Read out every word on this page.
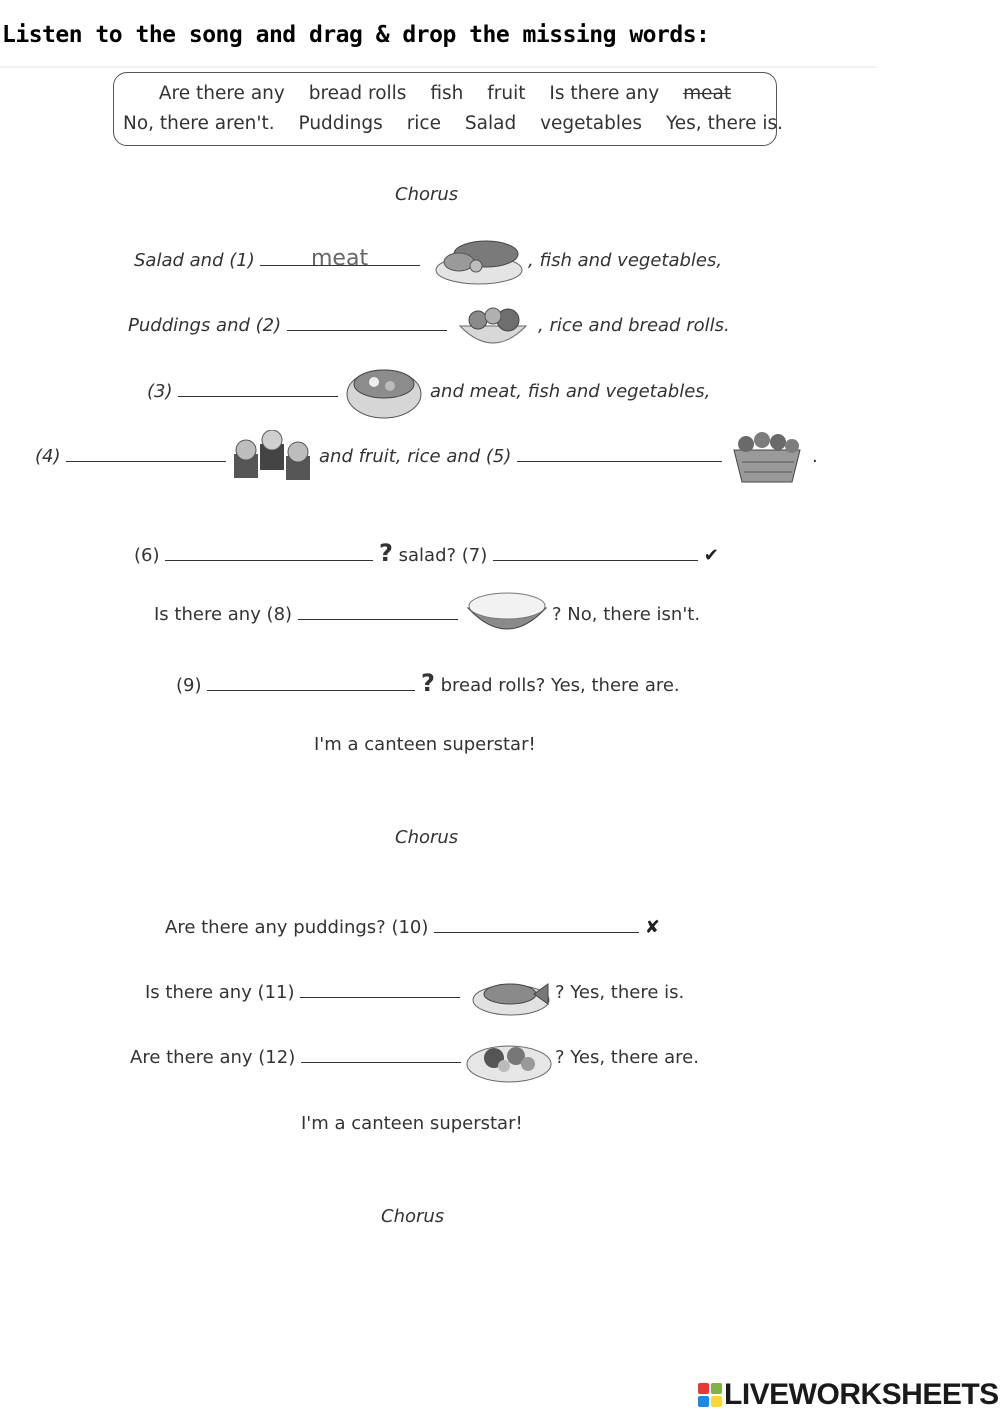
Listen to the song and drag & drop the missing words:
Are there any bread rolls fish fruit Is there any meat
No, there aren't. Puddings rice Salad vegetables Yes, there is.
Chorus
Salad and (1)	meat	, fish and vegetables,
Puddings and (2)	, rice and bread rolls.
(3)	and meat, fish and vegetables,
(4)	and fruit, rice and (5)	.
(6)	? salad? (7)	✔
Is there any (8)	? No, there isn't.
(9)	? bread rolls? Yes, there are.
I'm a canteen superstar!
Chorus
Are there any puddings? (10)	✘
Is there any (11)	? Yes, there is.
Are there any (12)	? Yes, there are.
I'm a canteen superstar!
Chorus
LIVEWORKSHEETS
